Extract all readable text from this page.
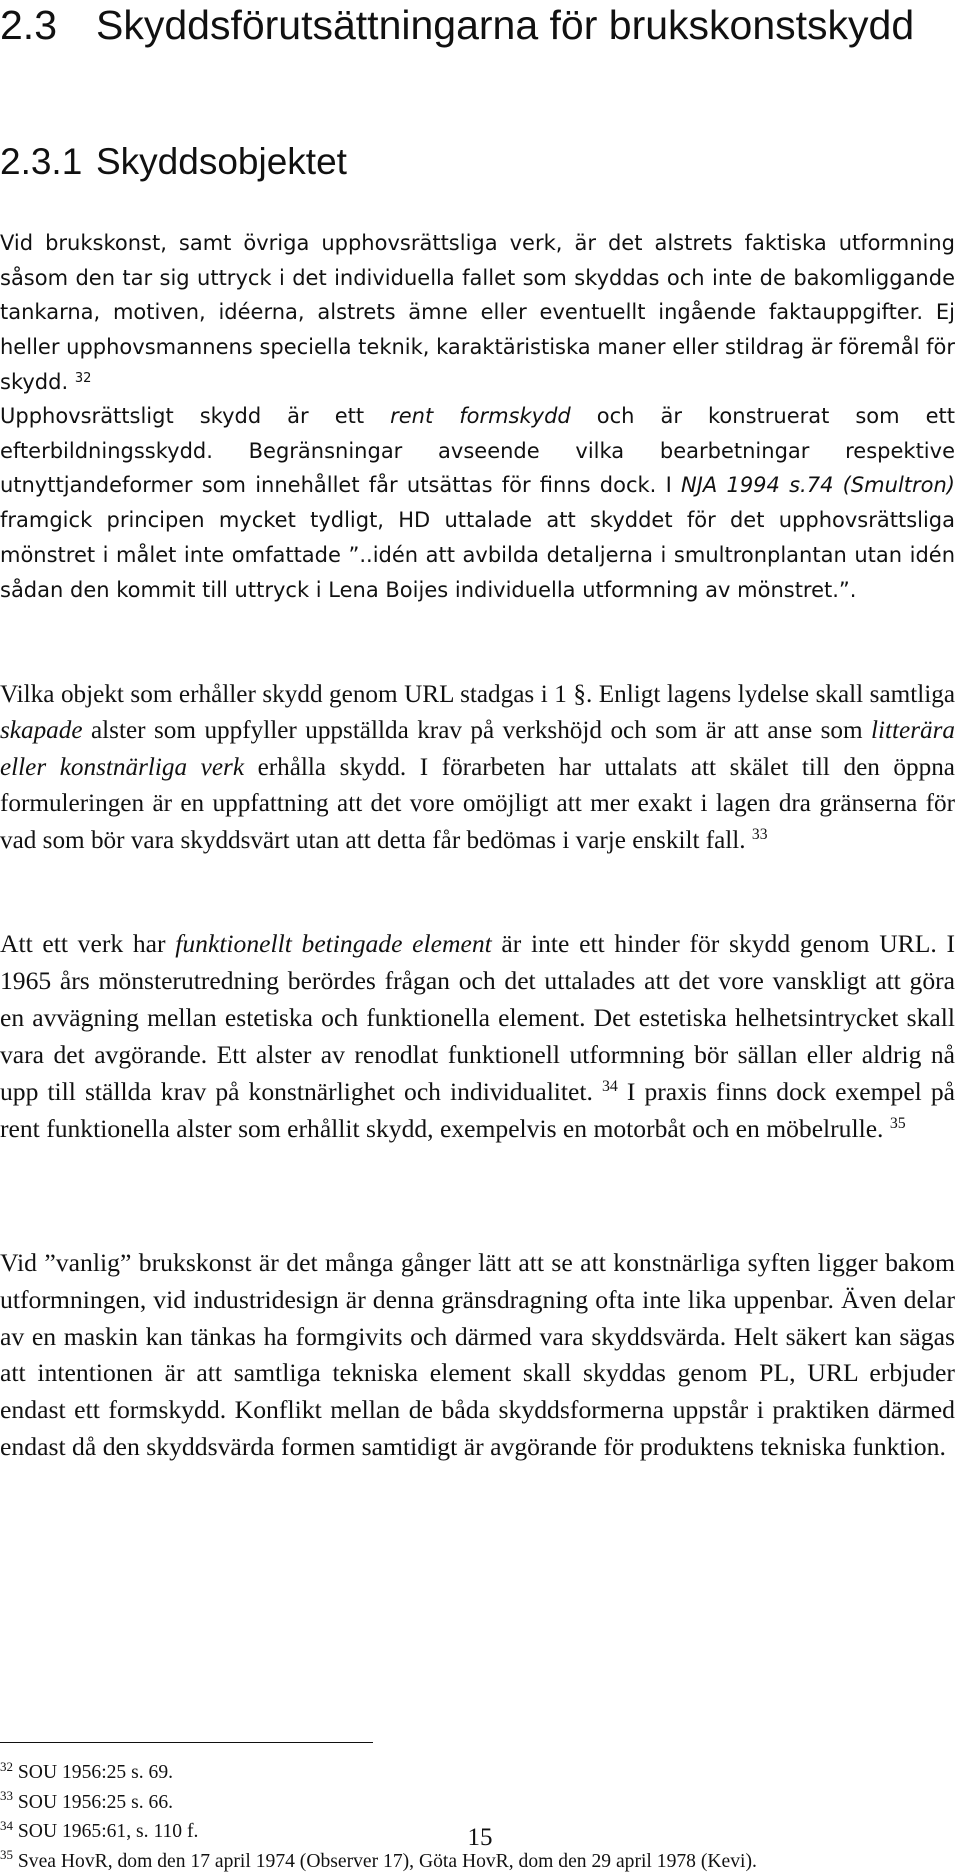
2.3 Skyddsförutsättningarna för brukskonstskydd
2.3.1 Skyddsobjektet

Vid brukskonst, samt övriga upphovsrättsliga verk, är det alstrets faktiska utformning såsom den tar sig uttryck i det individuella fallet som skyddas och inte de bakomliggande tankarna, motiven, idéerna, alstrets ämne eller eventuellt ingående faktauppgifter. Ej heller upphovsmannens speciella teknik, karaktäristiska maner eller stildrag är föremål för skydd. $^{32}$

Upphovsrättsligt skydd är ett rent formskydd och är konstruerat som ett efterbildningsskydd. Begränsningar avseende vilka bearbetningar respektive utnyttjandeformer som innehållet får utsättas för finns dock. I NJA 1994 s.74 (Smultron) framgick principen mycket tydligt, HD uttalade att skyddet för det upphovsrättsliga mönstret i målet inte omfattade ”..idén att avbilda detaljerna i smultronplantan utan idén sådan den kommit till uttryck i Lena Boijes individuella utformning av mönstret.”.

Vilka objekt som erhåller skydd genom URL stadgas i 1 §. Enligt lagens lydelse skall samtliga skapade alster som uppfyller uppställda krav på verkshöjd och som är att anse som litterära eller konstnärliga verk erhålla skydd. I förarbeten har uttalats att skälet till den öppna formuleringen är en uppfattning att det vore omöjligt att mer exakt i lagen dra gränserna för vad som bör vara skyddsvärt utan att detta får bedömas i varje enskilt fall. $^{33}$

Att ett verk har funktionellt betingade element är inte ett hinder för skydd genom URL. I 1965 års mönsterutredning berördes frågan och det uttalades att det vore vanskligt att göra en avvägning mellan estetiska och funktionella element. Det estetiska helhetsintrycket skall vara det avgörande. Ett alster av renodlat funktionell utformning bör sällan eller aldrig nå upp till ställda krav på konstnärlighet och individualitet. $^{34}$ I praxis finns dock exempel på rent funktionella alster som erhållit skydd, exempelvis en motorbåt och en möbelrulle. $^{35}$

Vid ”vanlig” brukskonst är det många gånger lätt att se att konstnärliga syften ligger bakom utformningen, vid industridesign är denna gränsdragning ofta inte lika uppenbar. Även delar av en maskin kan tänkas ha formgivits och därmed vara skyddsvärda. Helt säkert kan sägas att intentionen är att samtliga tekniska element skall skyddas genom PL, URL erbjuder endast ett formskydd. Konflikt mellan de båda skyddsformerna uppstår i praktiken därmed endast då den skyddsvärda formen samtidigt är avgörande för produktens tekniska funktion.

$^{32}$ SOU 1956:25 s. 69.

$^{33}$ SOU 1956:25 s. 66.

$^{34}$ SOU 1965:61, s. 110 f.

$^{35}$ Svea HovR, dom den 17 april 1974 (Observer 17), Göta HovR, dom den 29 april 1978 (Kevi).

15
